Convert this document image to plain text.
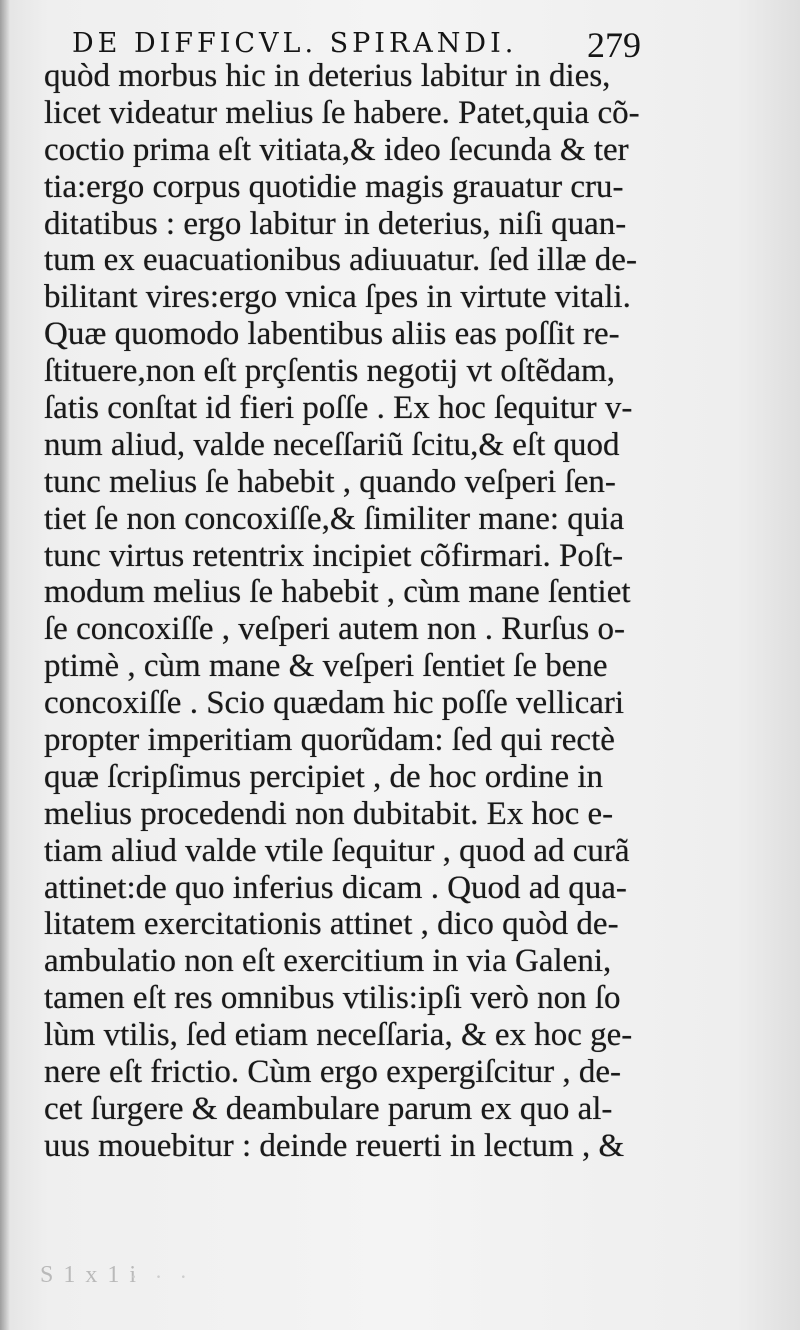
DE DIFFICVL. SPIRANDI. 279
quòd morbus hic in deterius labitur in dies,
licet videatur melius ſe habere. Patet,quia cõ-
coctio prima eſt vitiata,& ideo ſecunda & ter
tia:ergo corpus quotidie magis grauatur cru-
ditatibus : ergo labitur in deterius, niſi quan-
tum ex euacuationibus adiuuatur. ſed illæ de-
bilitant vires:ergo vnica ſpes in virtute vitali.
Quæ quomodo labentibus aliis eas poſſit re-
ſtituere,non eſt prçſentis negotij vt oſtẽdam,
ſatis conſtat id fieri poſſe . Ex hoc ſequitur v-
num aliud, valde neceſſariũ ſcitu,& eſt quod
tunc melius ſe habebit , quando veſperi ſen-
tiet ſe non concoxiſſe,& ſimiliter mane: quia
tunc virtus retentrix incipiet cõfirmari. Poſt-
modum melius ſe habebit , cùm mane ſentiet
ſe concoxiſſe , veſperi autem non . Rurſus o-
ptimè , cùm mane & veſperi ſentiet ſe bene
concoxiſſe . Scio quædam hic poſſe vellicari
propter imperitiam quorũdam: ſed qui rectè
quæ ſcripſimus percipiet , de hoc ordine in
melius procedendi non dubitabit. Ex hoc e-
tiam aliud valde vtile ſequitur , quod ad curã
attinet:de quo inferius dicam . Quod ad qua-
litatem exercitationis attinet , dico quòd de-
ambulatio non eſt exercitium in via Galeni,
tamen eſt res omnibus vtilis:ipſi verò non ſo
lùm vtilis, ſed etiam neceſſaria, & ex hoc ge-
nere eſt frictio. Cùm ergo expergiſcitur , de-
cet ſurgere & deambulare parum ex quo al-
uus mouebitur : deinde reuerti in lectum , &
S 1 x 1 i
· · ·
